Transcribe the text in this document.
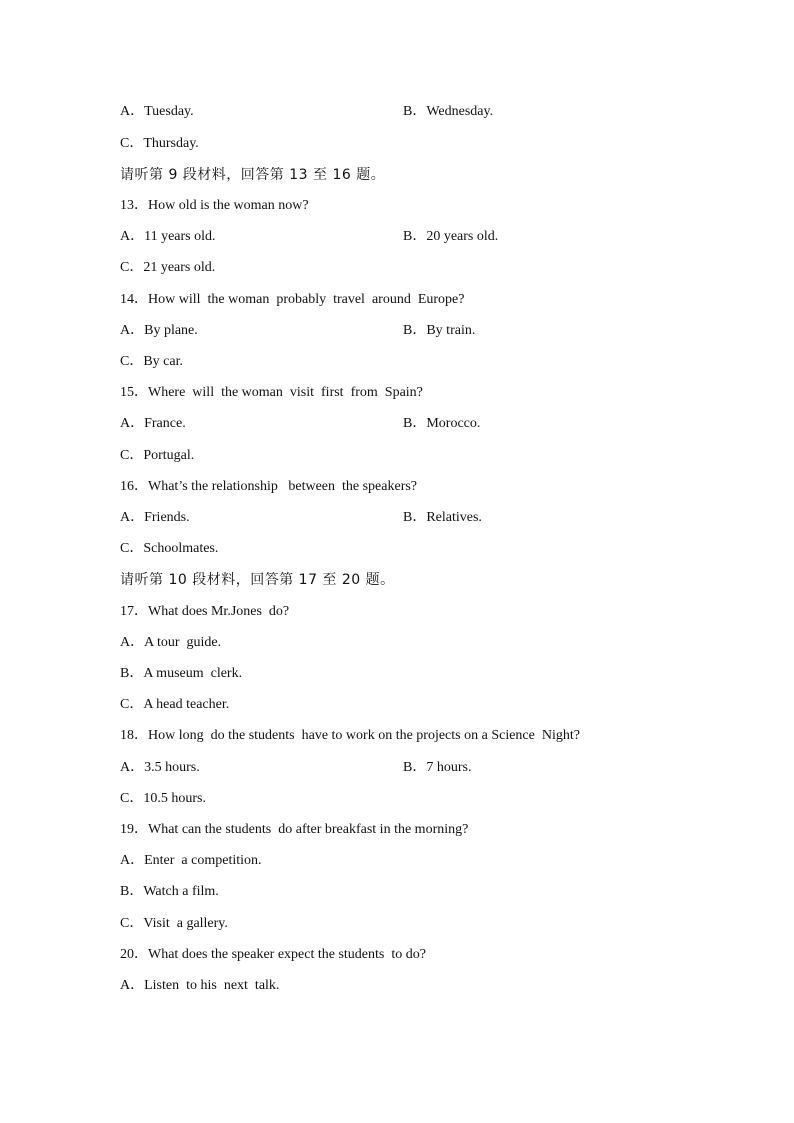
A．Tuesday.	B．Wednesday.
C．Thursday.
请听第 9 段材料，回答第 13 至 16 题。
13．How old is the woman now?
A．11 years old.	B．20 years old.
C．21 years old.
14．How will  the woman  probably  travel  around  Europe?
A．By plane.	B．By train.
C．By car.
15．Where  will  the woman  visit  first  from  Spain?
A．France.	B．Morocco.
C．Portugal.
16．What’s the relationship   between  the speakers?
A．Friends.	B．Relatives.
C．Schoolmates.
请听第 10 段材料，回答第 17 至 20 题。
17．What does Mr.Jones  do?
A．A tour  guide.
B．A museum  clerk.
C．A head teacher.
18．How long  do the students  have to work on the projects on a Science  Night?
A．3.5 hours.	B．7 hours.
C．10.5 hours.
19．What can the students  do after breakfast in the morning?
A．Enter  a competition.
B．Watch a film.
C．Visit  a gallery.
20．What does the speaker expect the students  to do?
A．Listen  to his  next  talk.
